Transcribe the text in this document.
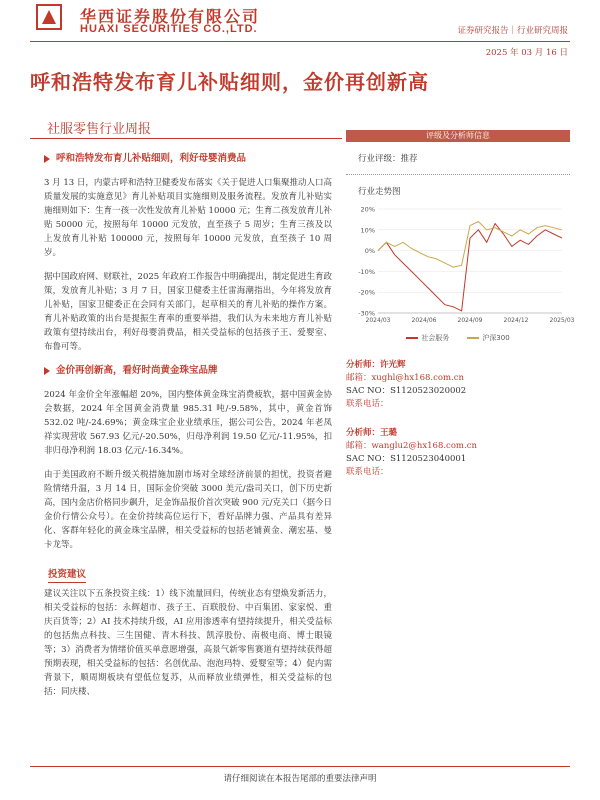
华西证券股份有限公司
HUAXI SECURITIES CO.,LTD.	证券研究报告｜行业研究周报
2025 年 03 月 16 日
呼和浩特发布育儿补贴细则，金价再创新高
社服零售行业周报
呼和浩特发布育儿补贴细则，利好母婴消费品

3 月 13 日，内蒙古呼和浩特卫健委发布落实《关于促进人口集聚推动人口高质量发展的实施意见》育儿补贴项目实施细则及服务流程。发放育儿补贴实施细则如下：生育一孩一次性发放育儿补贴 10000 元；生育二孩发放育儿补贴 50000 元，按照每年 10000 元发放，直至孩子 5 周岁；生育三孩及以上发放育儿补贴 100000 元，按照每年 10000 元发放，直至孩子 10 周岁。

据中国政府网、财联社，2025 年政府工作报告中明确提出，制定促进生育政策，发放育儿补贴；3 月 7 日，国家卫健委主任雷海潮指出，今年将发放育儿补贴，国家卫健委正在会同有关部门，起草相关的育儿补贴的操作方案。育儿补贴政策的出台是提振生育率的重要举措，我们认为未来地方育儿补贴政策有望持续出台，利好母婴消费品，相关受益标的包括孩子王、爱婴室、布鲁可等。

金价再创新高，看好时尚黄金珠宝品牌

2024 年金价全年涨幅超 20%，国内整体黄金珠宝消费疲软，据中国黄金协会数据，2024 年全国黄金消费量 985.31 吨/-9.58%，其中，黄金首饰 532.02 吨/-24.69%；黄金珠宝企业业绩承压，据公司公告，2024 年老凤祥实现营收 567.93 亿元/-20.50%，归母净利润 19.50 亿元/-11.95%，扣非归母净利润 18.03 亿元/-16.34%。

由于美国政府不断升级关税措施加剧市场对全球经济前景的担忧，投资者避险情绪升温，3 月 14 日，国际金价突破 3000 美元/盎司关口，创下历史新高，国内金店价格同步飙升，足金饰品报价首次突破 900 元/克关口（据今日金价行情公众号）。在金价持续高位运行下，看好品牌力强、产品具有差异化、客群年轻化的黄金珠宝品牌，相关受益标的包括老铺黄金、潮宏基、曼卡龙等。

投资建议

建议关注以下五条投资主线：1）线下流量回归，传统业态有望焕发新活力，相关受益标的包括：永辉超市、孩子王、百联股份、中百集团、家家悦、重庆百货等；2）AI 技术持续升级，AI 应用渗透率有望持续提升，相关受益标的包括焦点科技、三生国健、青木科技、凯淳股份、南极电商、博士眼镜等；3）消费者为情绪价值买单意愿增强，高景气新零售赛道有望持续获得超预期表现，相关受益标的包括：名创优品、泡泡玛特、爱婴室等；4）促内需背景下，顺周期板块有望低位复苏，从而释放业绩弹性，相关受益标的包括：同庆楼、

评级及分析师信息
行业评级：推荐
行业走势图
20%
10%
0%
-10%
-20%
-30%
2024/03	2024/06	2024/09	2024/12	2025/03
社会服务	沪深300
分析师：许光辉
邮箱：xughl@hx168.com.cn
SAC NO：S1120523020002
联系电话：
分析师：王璐
邮箱：wanglu2@hx168.com.cn
SAC NO：S1120523040001
联系电话：
请仔细阅读在本报告尾部的重要法律声明
